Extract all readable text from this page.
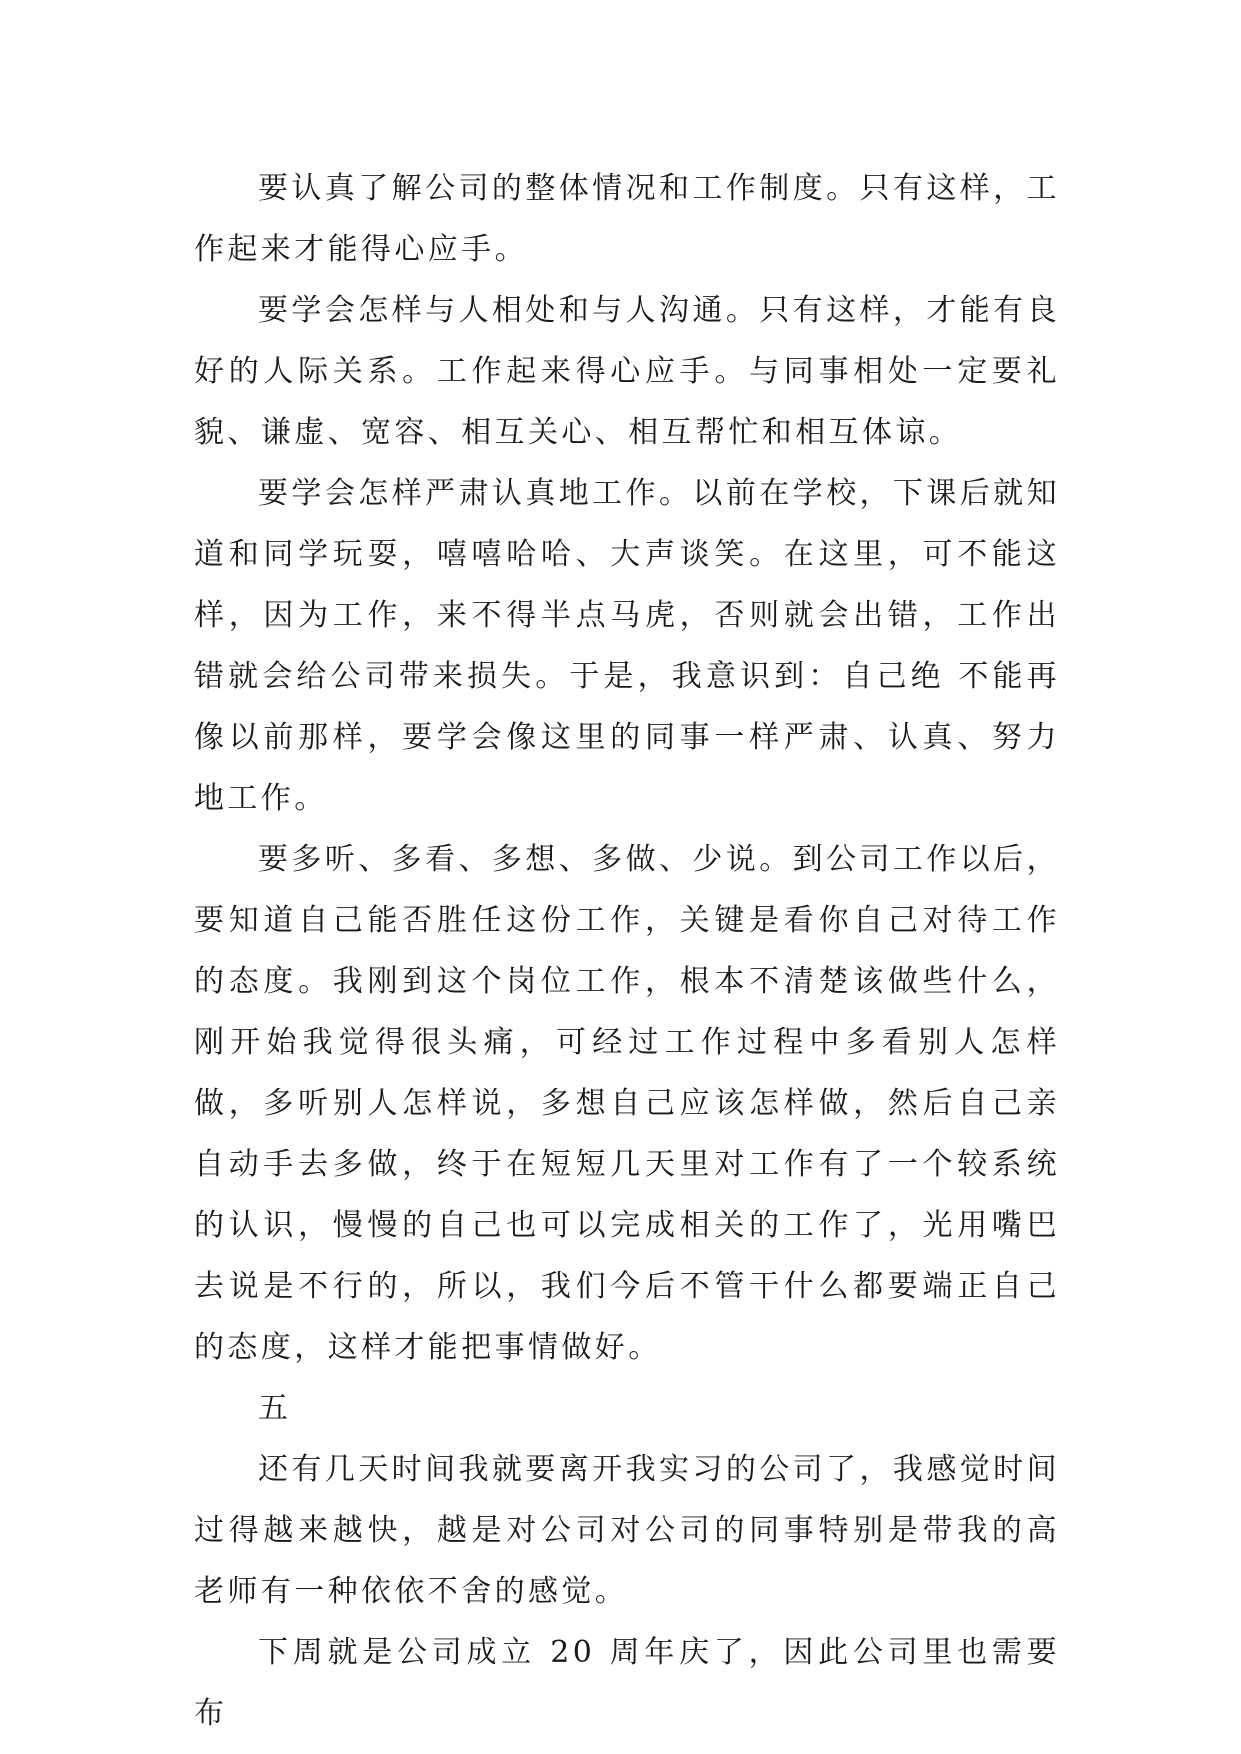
要认真了解公司的整体情况和工作制度。只有这样，工作起来才能得心应手。

要学会怎样与人相处和与人沟通。只有这样，才能有良好的人际关系。工作起来得心应手。与同事相处一定要礼貌、谦虚、宽容、相互关心、相互帮忙和相互体谅。

要学会怎样严肃认真地工作。以前在学校，下课后就知道和同学玩耍，嘻嘻哈哈、大声谈笑。在这里，可不能这样，因为工作，来不得半点马虎，否则就会出错，工作出错就会给公司带来损失。于是，我意识到：自己绝 不能再像以前那样，要学会像这里的同事一样严肃、认真、努力地工作。

要多听、多看、多想、多做、少说。到公司工作以后，要知道自己能否胜任这份工作，关键是看你自己对待工作的态度。我刚到这个岗位工作，根本不清楚该做些什么，刚开始我觉得很头痛，可经过工作过程中多看别人怎样做，多听别人怎样说，多想自己应该怎样做，然后自己亲自动手去多做，终于在短短几天里对工作有了一个较系统的认识，慢慢的自己也可以完成相关的工作了，光用嘴巴去说是不行的，所以，我们今后不管干什么都要端正自己的态度，这样才能把事情做好。

五

还有几天时间我就要离开我实习的公司了，我感觉时间过得越来越快，越是对公司对公司的同事特别是带我的高老师有一种依依不舍的感觉。

下周就是公司成立 20 周年庆了，因此公司里也需要布
